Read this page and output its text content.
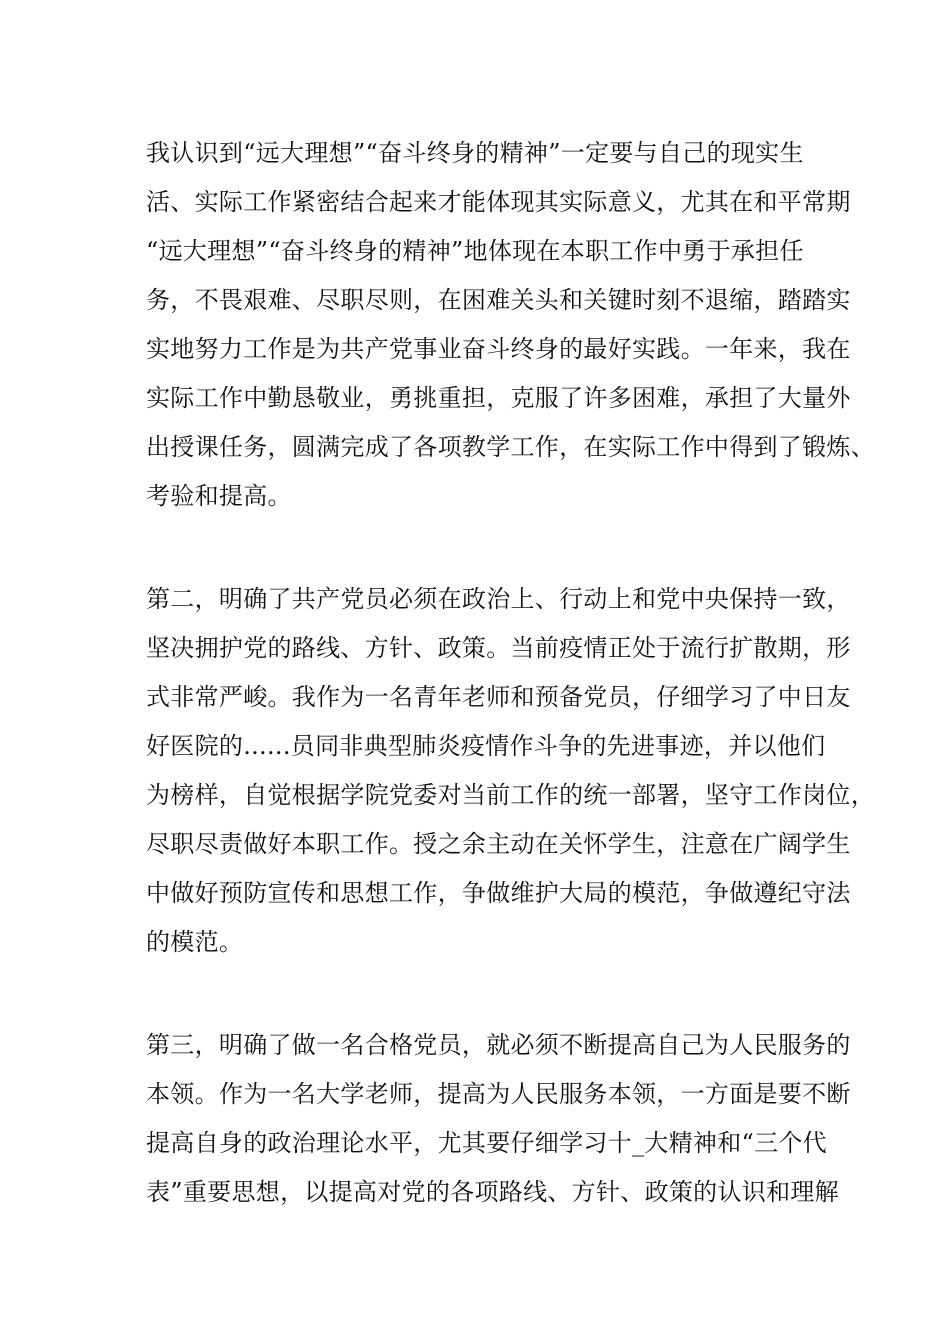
我认识到“远大理想”“奋斗终身的精神”一定要与自己的现实生
活、实际工作紧密结合起来才能体现其实际意义，尤其在和平常期
“远大理想”“奋斗终身的精神”地体现在本职工作中勇于承担任
务，不畏艰难、尽职尽则，在困难关头和关键时刻不退缩，踏踏实
实地努力工作是为共产党事业奋斗终身的最好实践。一年来，我在
实际工作中勤恳敬业，勇挑重担，克服了许多困难，承担了大量外
出授课任务，圆满完成了各项教学工作，在实际工作中得到了锻炼、
考验和提高。
第二，明确了共产党员必须在政治上、行动上和党中央保持一致，
坚决拥护党的路线、方针、政策。当前疫情正处于流行扩散期，形
式非常严峻。我作为一名青年老师和预备党员，仔细学习了中日友
好医院的......员同非典型肺炎疫情作斗争的先进事迹，并以他们
为榜样，自觉根据学院党委对当前工作的统一部署，坚守工作岗位，
尽职尽责做好本职工作。授之余主动在关怀学生，注意在广阔学生
中做好预防宣传和思想工作，争做维护大局的模范，争做遵纪守法
的模范。
第三，明确了做一名合格党员，就必须不断提高自己为人民服务的
本领。作为一名大学老师，提高为人民服务本领，一方面是要不断
提高自身的政治理论水平，尤其要仔细学习十_大精神和“三个代
表”重要思想，以提高对党的各项路线、方针、政策的认识和理解
